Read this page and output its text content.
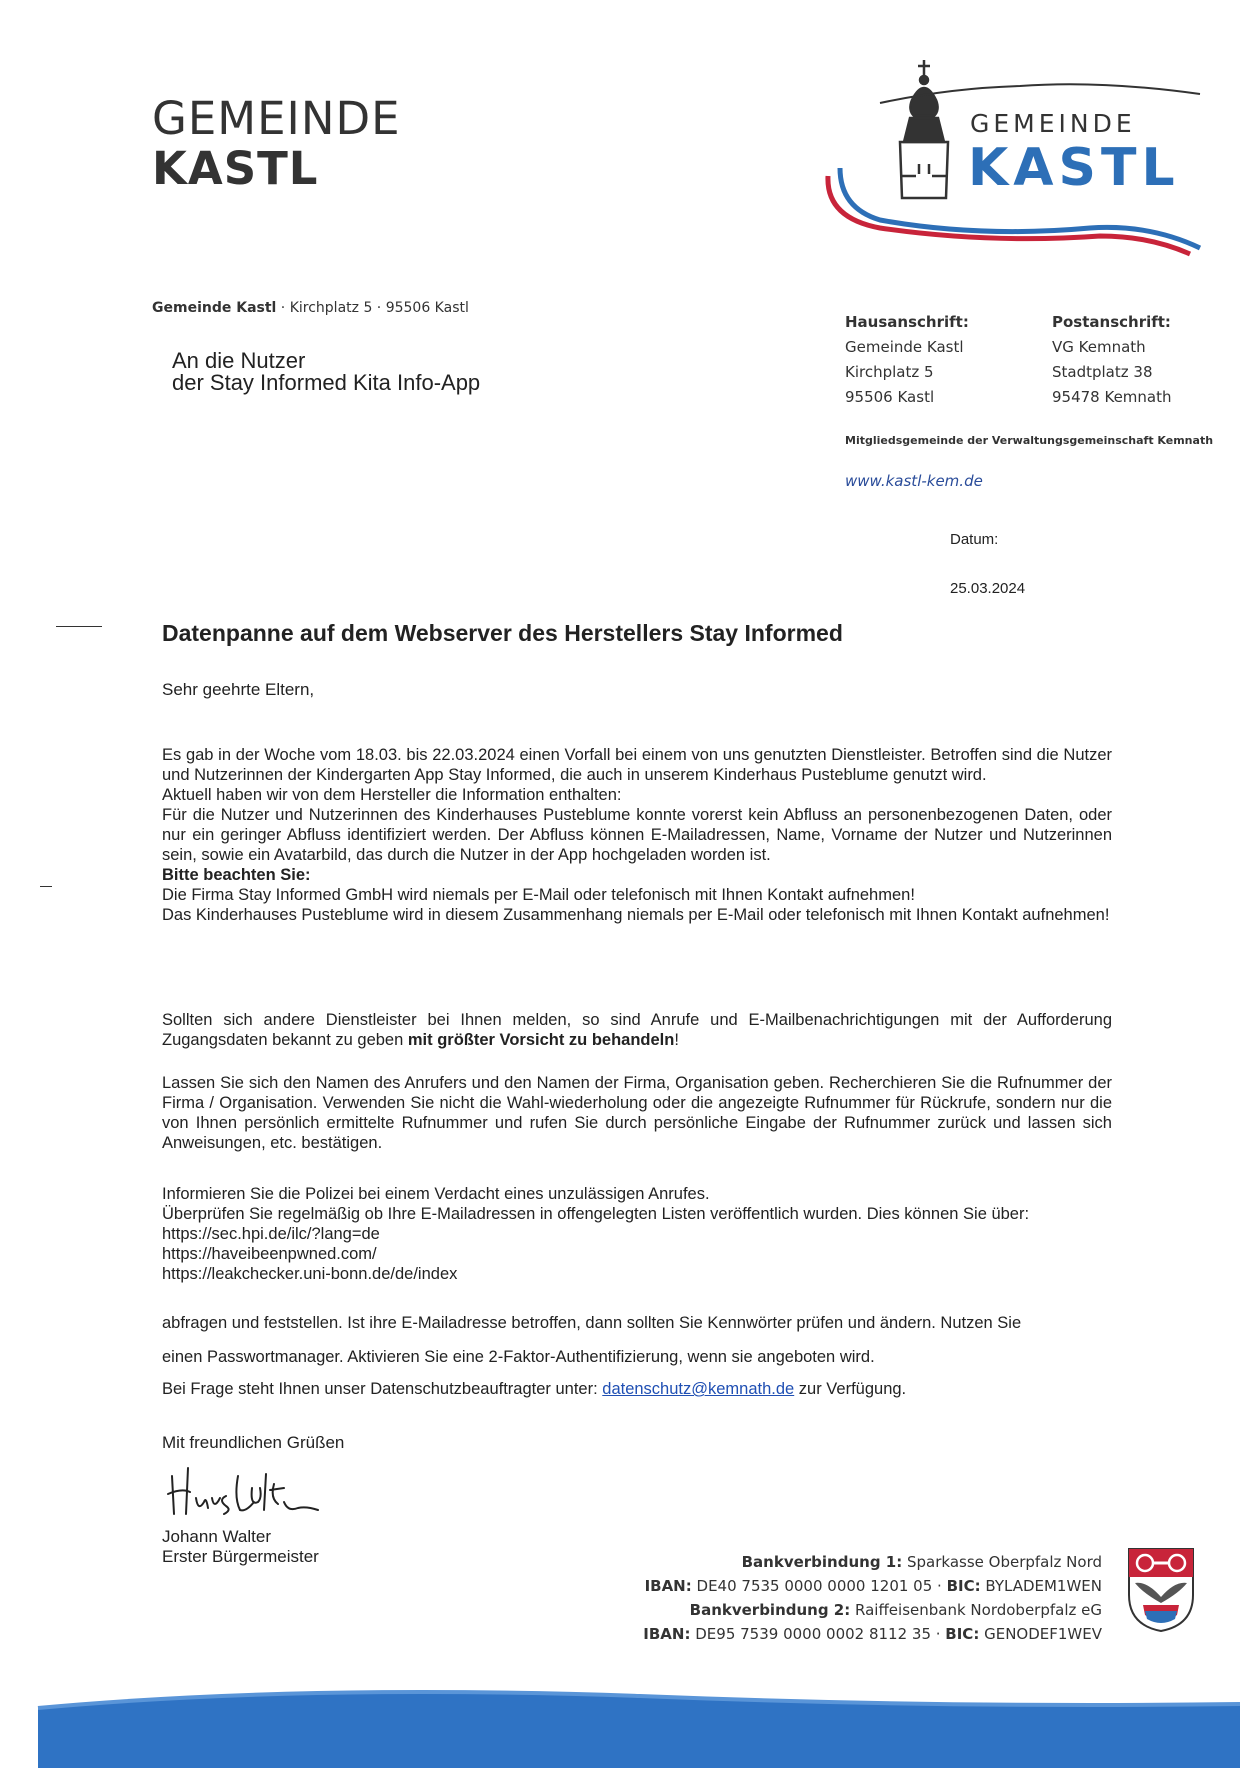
GEMEINDE
KASTL
GEMEINDE
KASTL
Gemeinde Kastl · Kirchplatz 5 · 95506 Kastl
An die Nutzer
der Stay Informed Kita Info-App
Hausanschrift:
Gemeinde Kastl
Kirchplatz 5
95506 Kastl
Postanschrift:
VG Kemnath
Stadtplatz 38
95478 Kemnath
Mitgliedsgemeinde der Verwaltungsgemeinschaft Kemnath
www.kastl-kem.de
Datum:
25.03.2024
Datenpanne auf dem Webserver des Herstellers Stay Informed
Sehr geehrte Eltern,

Es gab in der Woche vom 18.03. bis 22.03.2024 einen Vorfall bei einem von uns genutzten Dienstleister. Betroffen sind die Nutzer und Nutzerinnen der Kindergarten App Stay Informed, die auch in unserem Kinderhaus Pusteblume genutzt wird.

Aktuell haben wir von dem Hersteller die Information enthalten:

Für die Nutzer und Nutzerinnen des Kinderhauses Pusteblume konnte vorerst kein Abfluss an personenbezogenen Daten, oder nur ein geringer Abfluss identifiziert werden. Der Abfluss können E-Mailadressen, Name, Vorname der Nutzer und Nutzerinnen sein, sowie ein Avatarbild, das durch die Nutzer in der App hochgeladen worden ist.

Bitte beachten Sie:

Die Firma Stay Informed GmbH wird niemals per E-Mail oder telefonisch mit Ihnen Kontakt aufnehmen!

Das Kinderhauses Pusteblume wird in diesem Zusammenhang niemals per E-Mail oder telefonisch mit Ihnen Kontakt aufnehmen!

Sollten sich andere Dienstleister bei Ihnen melden, so sind Anrufe und E-Mailbenachrichtigungen mit der Aufforderung Zugangsdaten bekannt zu geben mit größter Vorsicht zu behandeln!
Lassen Sie sich den Namen des Anrufers und den Namen der Firma, Organisation geben. Recherchieren Sie die Rufnummer der Firma / Organisation. Verwenden Sie nicht die Wahl-wiederholung oder die angezeigte Rufnummer für Rückrufe, sondern nur die von Ihnen persönlich ermittelte Rufnummer und rufen Sie durch persönliche Eingabe der Rufnummer zurück und lassen sich Anweisungen, etc. bestätigen.

Informieren Sie die Polizei bei einem Verdacht eines unzulässigen Anrufes.

Überprüfen Sie regelmäßig ob Ihre E-Mailadressen in offengelegten Listen veröffentlich wurden. Dies können Sie über:

https://sec.hpi.de/ilc/?lang=de

https://haveibeenpwned.com/

https://leakchecker.uni-bonn.de/de/index

abfragen und feststellen. Ist ihre E-Mailadresse betroffen, dann sollten Sie Kennwörter prüfen und ändern. Nutzen Sie
einen Passwortmanager. Aktivieren Sie eine 2-Faktor-Authentifizierung, wenn sie angeboten wird.
Bei Frage steht Ihnen unser Datenschutzbeauftragter unter: datenschutz@kemnath.de zur Verfügung.
Mit freundlichen Grüßen
Johann Walter
Erster Bürgermeister	Bankverbindung 1: Sparkasse Oberpfalz Nord
IBAN: DE40 7535 0000 0000 1201 05 · BIC: BYLADEM1WEN
Bankverbindung 2: Raiffeisenbank Nordoberpfalz eG
IBAN: DE95 7539 0000 0002 8112 35 · BIC: GENODEF1WEV
